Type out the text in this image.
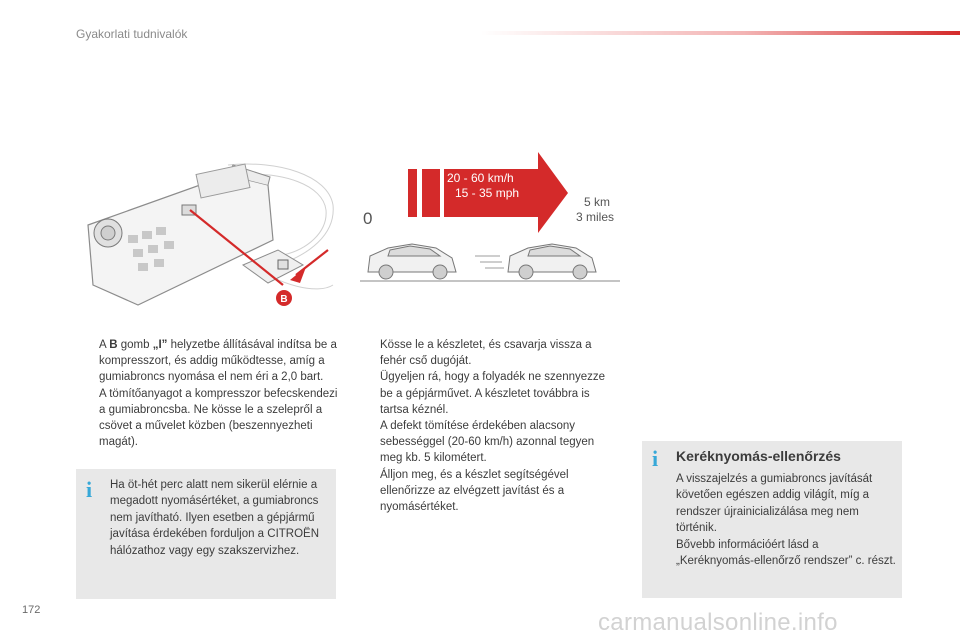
Gyakorlati tudnivalók
B
20 - 60 km/h
15 - 35 mph
0
5 km
3 miles

A B gomb „I” helyzetbe állításával indítsa be a kompresszort, és addig működtesse, amíg a gumiabroncs nyomása el nem éri a 2,0 bart.

A tömítőanyagot a kompresszor befecskendezi a gumiabroncsba. Ne kösse le a szelepről a csövet a művelet közben (beszennyezheti magát).

Kösse le a készletet, és csavarja vissza a fehér cső dugóját.

Ügyeljen rá, hogy a folyadék ne szennyezze be a gépjárművet. A készletet továbbra is tartsa kéznél.

A defekt tömítése érdekében alacsony sebességgel (20-60 km/h) azonnal tegyen meg kb. 5 kilométert.
Álljon meg, és a készlet segítségével ellenőrizze az elvégzett javítást és a nyomásértéket.
i Ha öt-hét perc alatt nem sikerül elérnie a megadott nyomásértéket, a gumiabroncs nem javítható. Ilyen esetben a gépjármű javítása érdekében forduljon a CITROËN hálózathoz vagy egy szakszervizhez.

i Keréknyomás-ellenőrzés

A visszajelzés a gumiabroncs javítását követően egészen addig világít, míg a rendszer újrainicializálása meg nem történik.

Bővebb információért lásd a „Keréknyomás-ellenőrző rendszer” c. részt.

172	carmanualsonline.info
